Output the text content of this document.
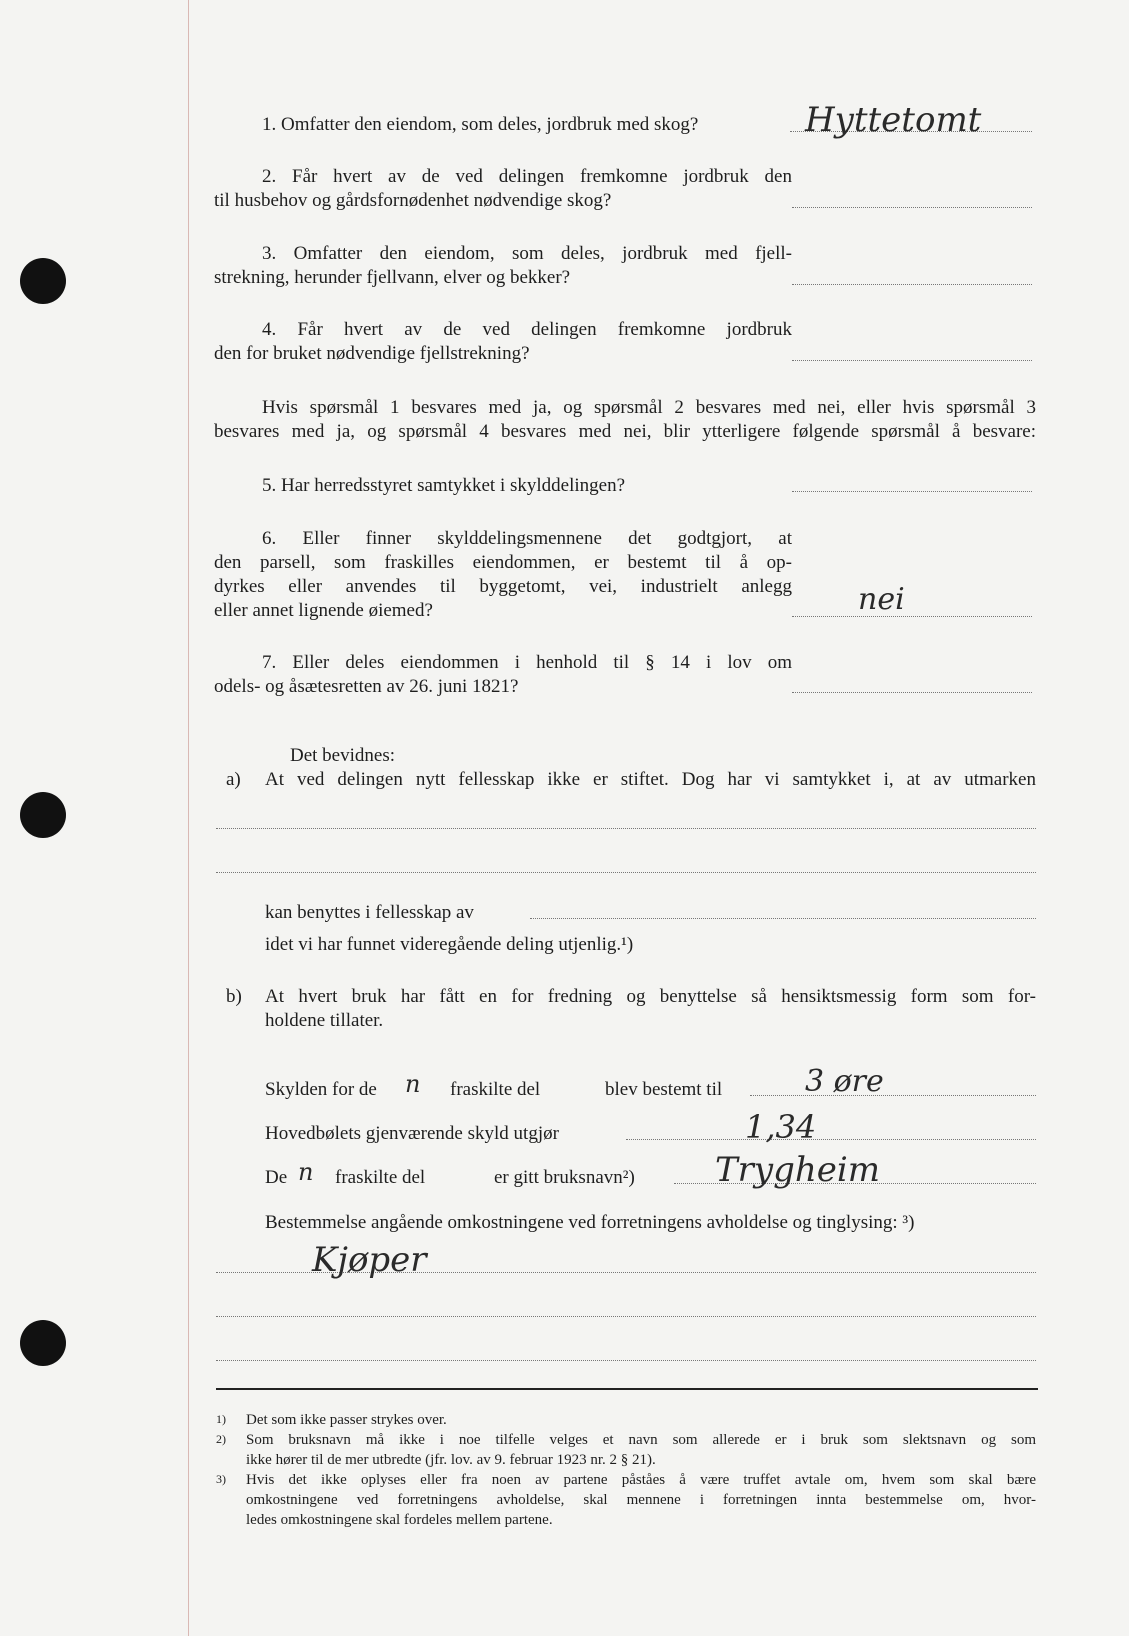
1. Omfatter den eiendom, som deles, jordbruk med skog?	Hyttetomt
2. Får hvert av de ved delingen fremkomne jordbruk den
til husbehov og gårdsfornødenhet nødvendige skog?
3. Omfatter den eiendom, som deles, jordbruk med fjell-
strekning, herunder fjellvann, elver og bekker?
4. Får hvert av de ved delingen fremkomne jordbruk
den for bruket nødvendige fjellstrekning?
Hvis spørsmål 1 besvares med ja, og spørsmål 2 besvares med nei, eller hvis spørsmål 3
besvares med ja, og spørsmål 4 besvares med nei, blir ytterligere følgende spørsmål å besvare:
5. Har herredsstyret samtykket i skylddelingen?
6. Eller finner skylddelingsmennene det godtgjort, at
den parsell, som fraskilles eiendommen, er bestemt til å op-
dyrkes eller anvendes til byggetomt, vei, industrielt anlegg
eller annet lignende øiemed?	nei
7. Eller deles eiendommen i henhold til § 14 i lov om
odels- og åsætesretten av 26. juni 1821?
Det bevidnes:
a) At ved delingen nytt fellesskap ikke er stiftet. Dog har vi samtykket i, at av utmarken
kan benyttes i fellesskap av
idet vi har funnet videregående deling utjenlig.¹)
b) At hvert bruk har fått en for fredning og benyttelse så hensiktsmessig form som for-
holdene tillater.
Skylden for de n fraskilte del	blev bestemt til	3 øre
Hovedbølets gjenværende skyld utgjør	1,34
De n fraskilte del	er gitt bruksnavn²) Trygheim
Bestemmelse angående omkostningene ved forretningens avholdelse og tinglysing: ³)
Kjøper
1) Det som ikke passer strykes over.
2) Som bruksnavn må ikke i noe tilfelle velges et navn som allerede er i bruk som slektsnavn og som
ikke hører til de mer utbredte (jfr. lov. av 9. februar 1923 nr. 2 § 21).
3) Hvis det ikke oplyses eller fra noen av partene påståes å være truffet avtale om, hvem som skal bære
omkostningene ved forretningens avholdelse, skal mennene i forretningen innta bestemmelse om, hvor-
ledes omkostningene skal fordeles mellem partene.
